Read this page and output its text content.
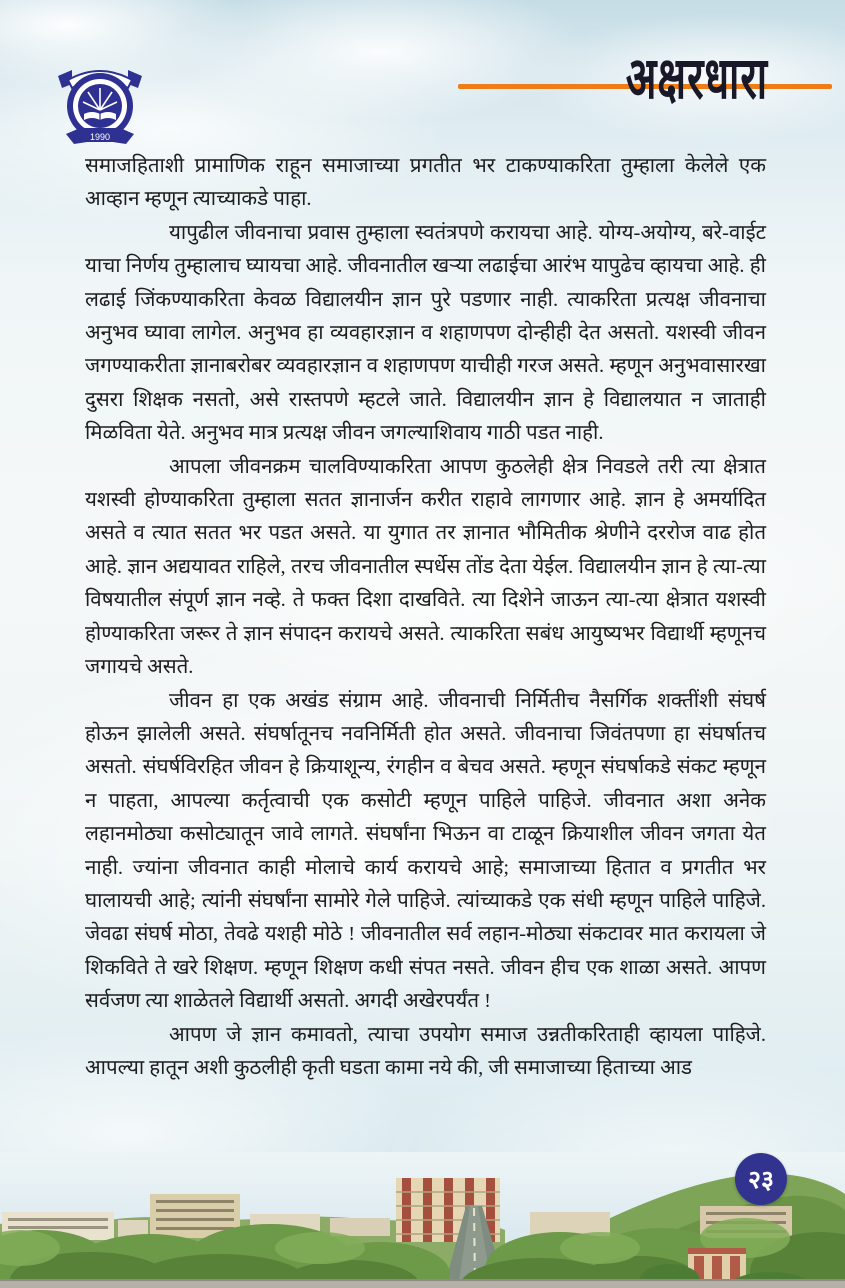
1990
अक्षरधारा

समाजहिताशी प्रामाणिक राहून समाजाच्या प्रगतीत भर टाकण्याकरिता तुम्हाला केलेले एक आव्हान म्हणून त्याच्याकडे पाहा.

यापुढील जीवनाचा प्रवास तुम्हाला स्वतंत्रपणे करायचा आहे. योग्य-अयोग्य, बरे-वाईट याचा निर्णय तुम्हालाच घ्यायचा आहे. जीवनातील खऱ्या लढाईचा आरंभ यापुढेच व्हायचा आहे. ही लढाई जिंकण्याकरिता केवळ विद्यालयीन ज्ञान पुरे पडणार नाही. त्याकरिता प्रत्यक्ष जीवनाचा अनुभव घ्यावा लागेल. अनुभव हा व्यवहारज्ञान व शहाणपण दोन्हीही देत असतो. यशस्वी जीवन जगण्याकरीता ज्ञानाबरोबर व्यवहारज्ञान व शहाणपण याचीही गरज असते. म्हणून अनुभवासारखा दुसरा शिक्षक नसतो, असे रास्तपणे म्हटले जाते. विद्यालयीन ज्ञान हे विद्यालयात न जाताही मिळविता येते. अनुभव मात्र प्रत्यक्ष जीवन जगल्याशिवाय गाठी पडत नाही.

आपला जीवनक्रम चालविण्याकरिता आपण कुठलेही क्षेत्र निवडले तरी त्या क्षेत्रात यशस्वी होण्याकरिता तुम्हाला सतत ज्ञानार्जन करीत राहावे लागणार आहे. ज्ञान हे अमर्यादित असते व त्यात सतत भर पडत असते. या युगात तर ज्ञानात भौमितीक श्रेणीने दररोज वाढ होत आहे. ज्ञान अद्ययावत राहिले, तरच जीवनातील स्पर्धेस तोंड देता येईल. विद्यालयीन ज्ञान हे त्या-त्या विषयातील संपूर्ण ज्ञान नव्हे. ते फक्त दिशा दाखविते. त्या दिशेने जाऊन त्या-त्या क्षेत्रात यशस्वी होण्याकरिता जरूर ते ज्ञान संपादन करायचे असते. त्याकरिता सबंध आयुष्यभर विद्यार्थी म्हणूनच जगायचे असते.

जीवन हा एक अखंड संग्राम आहे. जीवनाची निर्मितीच नैसर्गिक शक्तींशी संघर्ष होऊन झालेली असते. संघर्षातूनच नवनिर्मिती होत असते. जीवनाचा जिवंतपणा हा संघर्षातच असतो. संघर्षविरहित जीवन हे क्रियाशून्य, रंगहीन व बेचव असते. म्हणून संघर्षाकडे संकट म्हणून न पाहता, आपल्या कर्तृत्वाची एक कसोटी म्हणून पाहिले पाहिजे. जीवनात अशा अनेक लहानमोठ्या कसोट्यातून जावे लागते. संघर्षांना भिऊन वा टाळून क्रियाशील जीवन जगता येत नाही. ज्यांना जीवनात काही मोलाचे कार्य करायचे आहे; समाजाच्या हितात व प्रगतीत भर घालायची आहे; त्यांनी संघर्षांना सामोरे गेले पाहिजे. त्यांच्याकडे एक संधी म्हणून पाहिले पाहिजे. जेवढा संघर्ष मोठा, तेवढे यशही मोठे ! जीवनातील सर्व लहान-मोठ्या संकटावर मात करायला जे शिकविते ते खरे शिक्षण. म्हणून शिक्षण कधी संपत नसते. जीवन हीच एक शाळा असते. आपण सर्वजण त्या शाळेतले विद्यार्थी असतो. अगदी अखेरपर्यंत !

आपण जे ज्ञान कमावतो, त्याचा उपयोग समाज उन्नतीकरिताही व्हायला पाहिजे. आपल्या हातून अशी कुठलीही कृती घडता कामा नये की, जी समाजाच्या हिताच्या आड

२३
